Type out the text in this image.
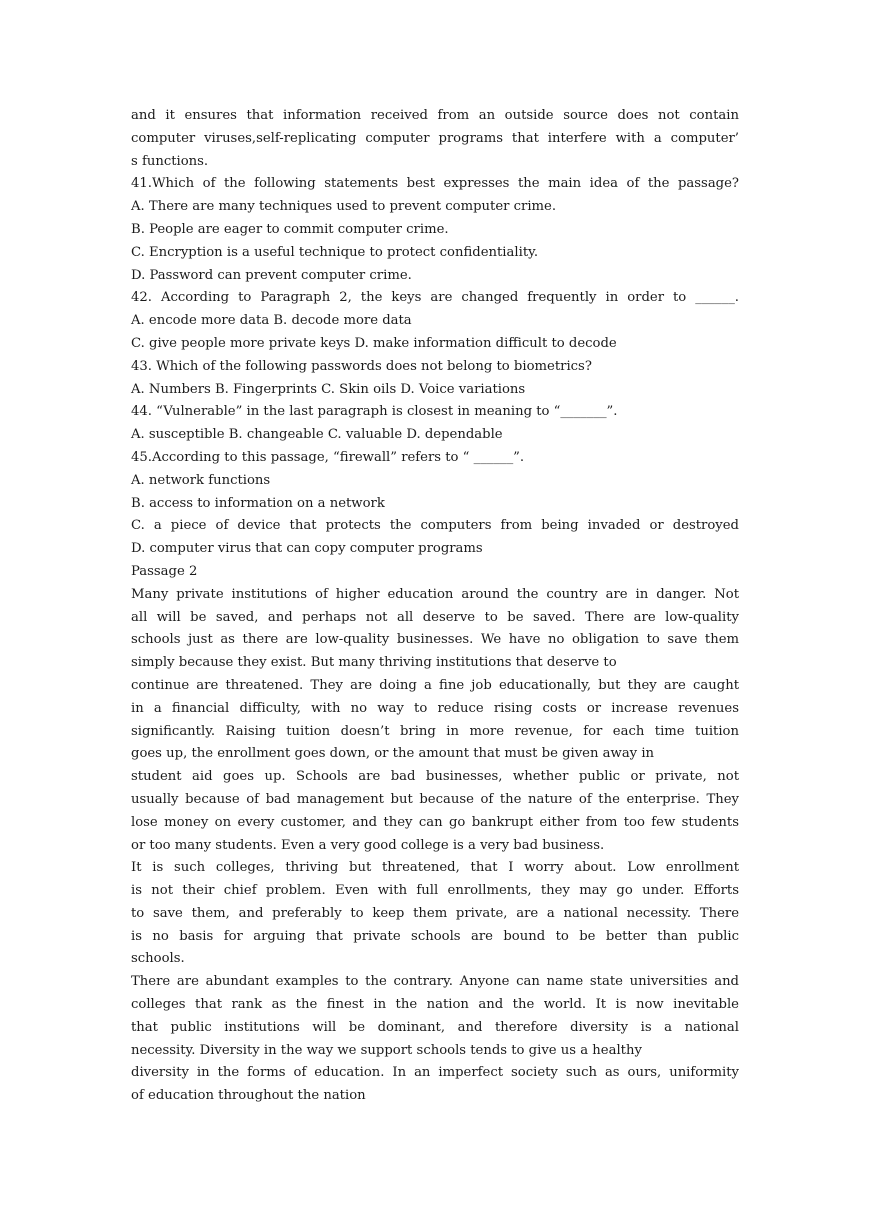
and it ensures that information received from an outside source does not contain
computer viruses,self-replicating computer programs that interfere with a computer’
s functions.
41.Which of the following statements best expresses the main idea of the passage?
A. There are many techniques used to prevent computer crime.
B. People are eager to commit computer crime.
C. Encryption is a useful technique to protect confidentiality.
D. Password can prevent computer crime.
42. According to Paragraph 2, the keys are changed frequently in order to ______.
A. encode more data B. decode more data
C. give people more private keys D. make information difficult to decode
43. Which of the following passwords does not belong to biometrics?
A. Numbers B. Fingerprints C. Skin oils D. Voice variations
44. “Vulnerable” in the last paragraph is closest in meaning to “_______”.
A. susceptible B. changeable C. valuable D. dependable
45.According to this passage, “firewall” refers to “ ______”.
A. network functions
B. access to information on a network
C. a piece of device that protects the computers from being invaded or destroyed
D. computer virus that can copy computer programs
Passage 2
Many private institutions of higher education around the country are in danger. Not
all will be saved, and perhaps not all deserve to be saved. There are low-quality
schools just as there are low-quality businesses. We have no obligation to save them
simply because they exist. But many thriving institutions that deserve to
continue are threatened. They are doing a fine job educationally, but they are caught
in a financial difficulty, with no way to reduce rising costs or increase revenues
significantly. Raising tuition doesn’t bring in more revenue, for each time tuition
goes up, the enrollment goes down, or the amount that must be given away in
student aid goes up. Schools are bad businesses, whether public or private, not
usually because of bad management but because of the nature of the enterprise. They
lose money on every customer, and they can go bankrupt either from too few students
or too many students. Even a very good college is a very bad business.
It is such colleges, thriving but threatened, that I worry about. Low enrollment
is not their chief problem. Even with full enrollments, they may go under. Efforts
to save them, and preferably to keep them private, are a national necessity. There
is no basis for arguing that private schools are bound to be better than public
schools.
There are abundant examples to the contrary. Anyone can name state universities and
colleges that rank as the finest in the nation and the world. It is now inevitable
that public institutions will be dominant, and therefore diversity is a national
necessity. Diversity in the way we support schools tends to give us a healthy
diversity in the forms of education. In an imperfect society such as ours, uniformity
of education throughout the nation
